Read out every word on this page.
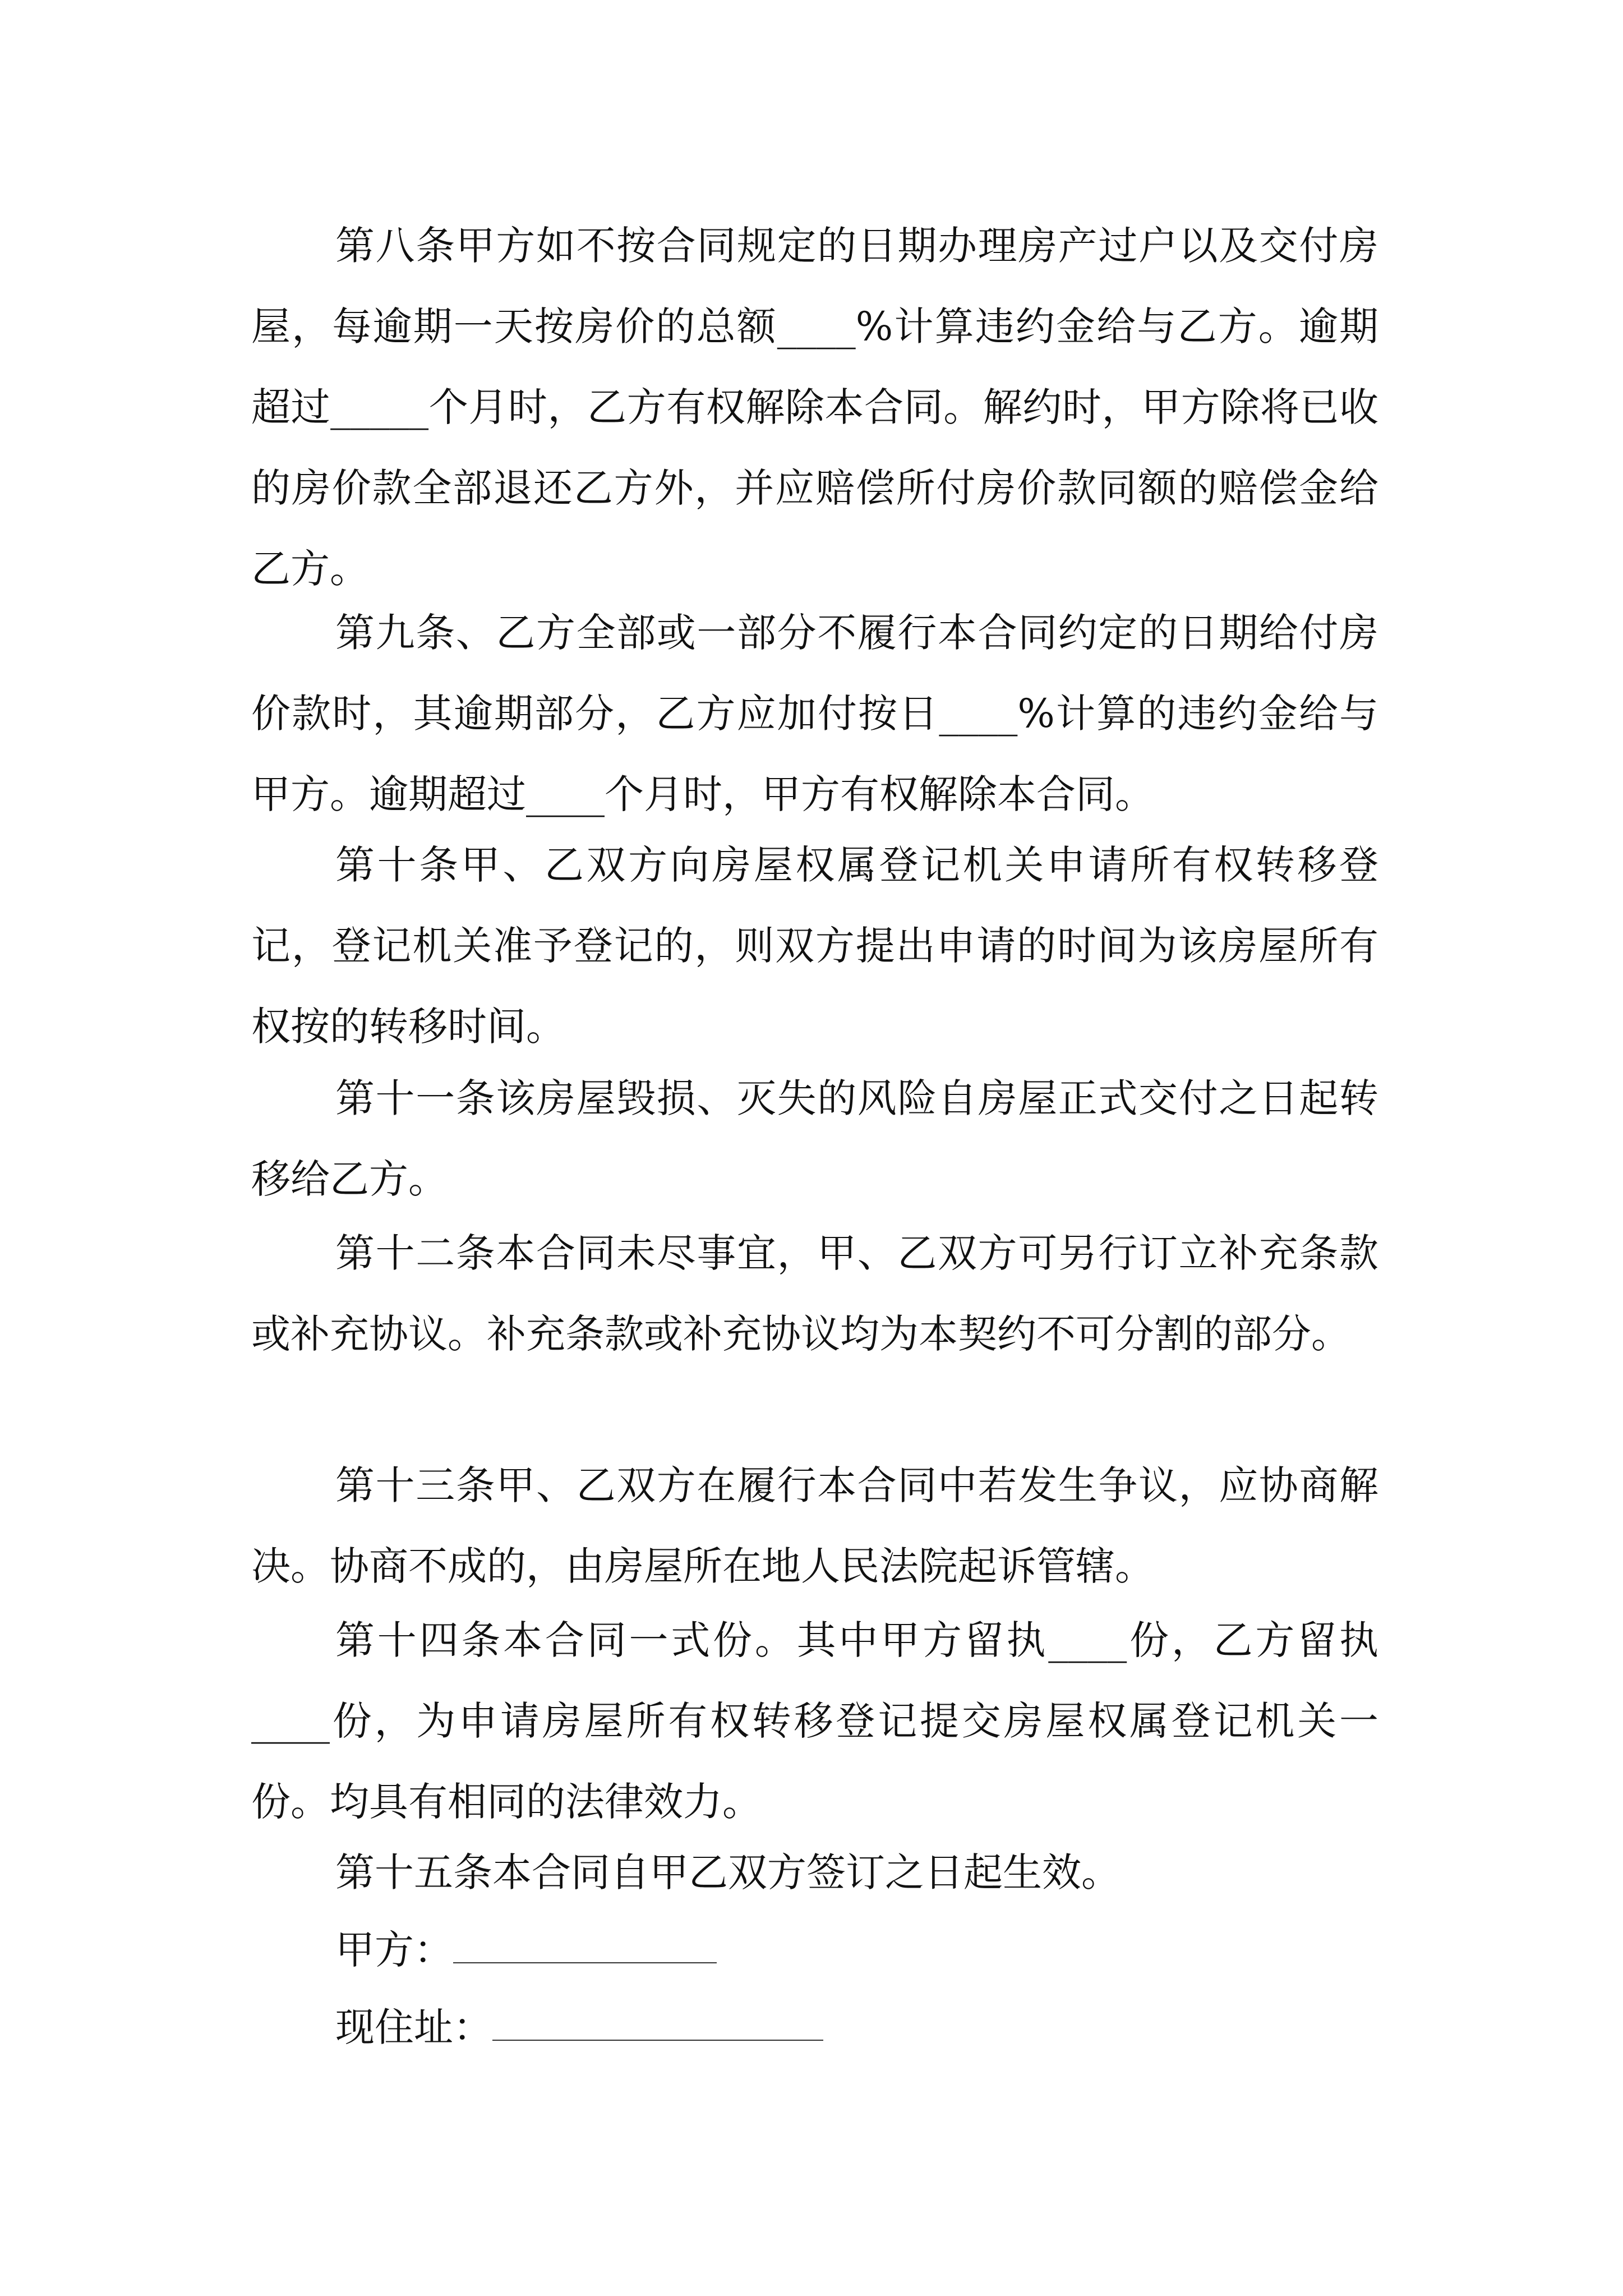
第八条甲方如不按合同规定的日期办理房产过户以及交付房屋，每逾期一天按房价的总额____%计算违约金给与乙方。逾期超过_____个月时，乙方有权解除本合同。解约时，甲方除将已收的房价款全部退还乙方外，并应赔偿所付房价款同额的赔偿金给乙方。

第九条、乙方全部或一部分不履行本合同约定的日期给付房价款时，其逾期部分，乙方应加付按日____%计算的违约金给与甲方。逾期超过____个月时，甲方有权解除本合同。

第十条甲、乙双方向房屋权属登记机关申请所有权转移登记，登记机关准予登记的，则双方提出申请的时间为该房屋所有权按的转移时间。

第十一条该房屋毁损、灭失的风险自房屋正式交付之日起转移给乙方。

第十二条本合同未尽事宜，甲、乙双方可另行订立补充条款或补充协议。补充条款或补充协议均为本契约不可分割的部分。

第十三条甲、乙双方在履行本合同中若发生争议，应协商解决。协商不成的，由房屋所在地人民法院起诉管辖。

第十四条本合同一式份。其中甲方留执____份，乙方留执____份，为申请房屋所有权转移登记提交房屋权属登记机关一份。均具有相同的法律效力。

第十五条本合同自甲乙双方签订之日起生效。

甲方：
现住址：
